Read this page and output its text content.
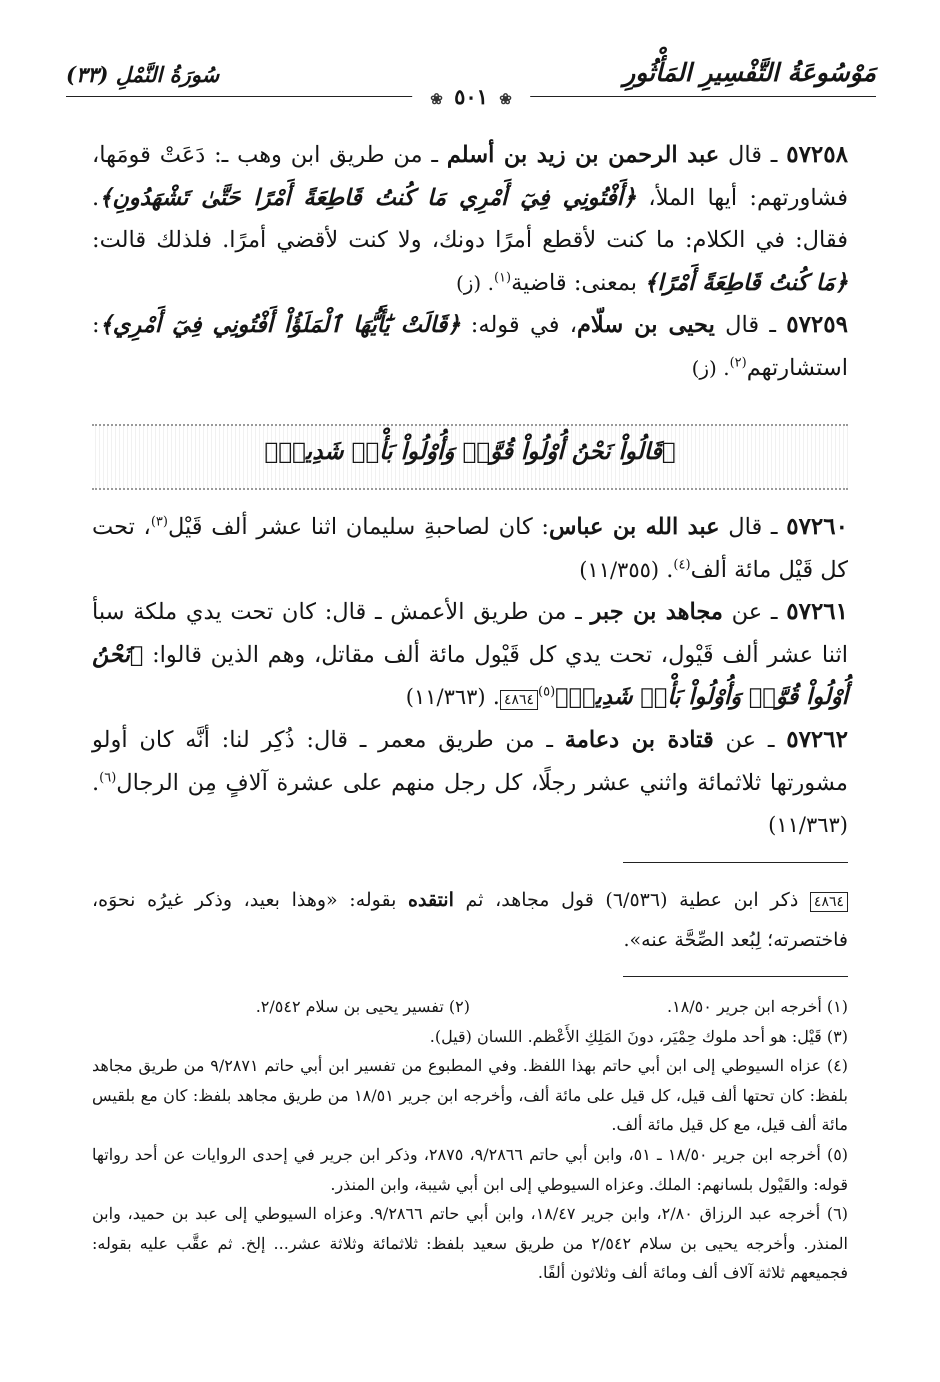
مَوْسُوعَةُ التَّفْسِيرِ المَأْثُورِ
سُورَةُ النَّمْلِ (٣٣)
❀ ٥٠١ ❀

٥٧٢٥٨ ـ قال عبد الرحمن بن زيد بن أسلم ـ من طريق ابن وهب ـ: دَعَتْ قومَها، فشاورتهم: أيها الملأ، ﴿أَفْتُونِي فِيٓ أَمْرِي مَا كُنتُ قَاطِعَةً أَمْرًا حَتَّىٰ تَشْهَدُونِ﴾. فقال: في الكلام: ما كنت لأقطع أمرًا دونك، ولا كنت لأقضي أمرًا. فلذلك قالت: ﴿مَا كُنتُ قَاطِعَةً أَمْرًا﴾ بمعنى: قاضية$^{(١)}$. (ز)

٥٧٢٥٩ ـ قال يحيى بن سلّام، في قوله: ﴿قَالَتْ يَٰٓأَيُّهَا ٱلْمَلَؤُاْ أَفْتُونِي فِيٓ أَمْرِي﴾: استشارتهم$^{(٢)}$. (ز)

﴿قَالُواْ نَحْنُ أُوْلُواْ قُوَّةٖ وَأُوْلُواْ بَأْسٖ شَدِيدٖ﴾

٥٧٢٦٠ ـ قال عبد الله بن عباس: كان لصاحبةِ سليمان اثنا عشر ألف قَيْل$^{(٣)}$، تحت كل قَيْل مائة ألف$^{(٤)}$. (١١/٣٥٥)

٥٧٢٦١ ـ عن مجاهد بن جبر ـ من طريق الأعمش ـ قال: كان تحت يدي ملكة سبأ اثنا عشر ألف قَيْول، تحت يدي كل قَيْول مائة ألف مقاتل، وهم الذين قالوا: ﴿نَحْنُ أُوْلُواْ قُوَّةٖ وَأُوْلُواْ بَأْسٖ شَدِيدٖ﴾$^{(٥)}$٤٨٦٤. (١١/٣٦٣)

٥٧٢٦٢ ـ عن قتادة بن دعامة ـ من طريق معمر ـ قال: ذُكِر لنا: أنَّه كان أولو مشورتها ثلاثمائة واثني عشر رجلًا، كل رجل منهم على عشرة آلافٍ مِن الرجال$^{(٦)}$. (١١/٣٦٣)

٤٨٦٤ ذكر ابن عطية (٦/٥٣٦) قول مجاهد، ثم انتقده بقوله: «وهذا بعيد، وذكر غيرُه نحوَه، فاختصرته؛ لِبُعد الصِّحَّة عنه».
(١) أخرجه ابن جرير ١٨/٥٠.
(٢) تفسير يحيى بن سلام ٢/٥٤٢.
(٣) قَيْل: هو أحد ملوك حِمْيَر، دونَ المَلِكِ الأَعْظم. اللسان (قيل).
(٤) عزاه السيوطي إلى ابن أبي حاتم بهذا اللفظ. وفي المطبوع من تفسير ابن أبي حاتم ٩/٢٨٧١ من طريق مجاهد بلفظ: كان تحتها ألف قيل، كل قيل على مائة ألف، وأخرجه ابن جرير ١٨/٥١ من طريق مجاهد بلفظ: كان مع بلقيس مائة ألف قيل، مع كل قيل مائة ألف.
(٥) أخرجه ابن جرير ١٨/٥٠ ـ ٥١، وابن أبي حاتم ٩/٢٨٦٦، ٢٨٧٥، وذكر ابن جرير في إحدى الروايات عن أحد رواتها قوله: والقَيْول بلسانهم: الملك. وعزاه السيوطي إلى ابن أبي شيبة، وابن المنذر.
(٦) أخرجه عبد الرزاق ٢/٨٠، وابن جرير ١٨/٤٧، وابن أبي حاتم ٩/٢٨٦٦. وعزاه السيوطي إلى عبد بن حميد، وابن المنذر. وأخرجه يحيى بن سلام ٢/٥٤٢ من طريق سعيد بلفظ: ثلاثمائة وثلاثة عشر... إلخ. ثم عقَّب عليه بقوله: فجميعهم ثلاثة آلاف ألف ومائة ألف وثلاثون ألفًا.
